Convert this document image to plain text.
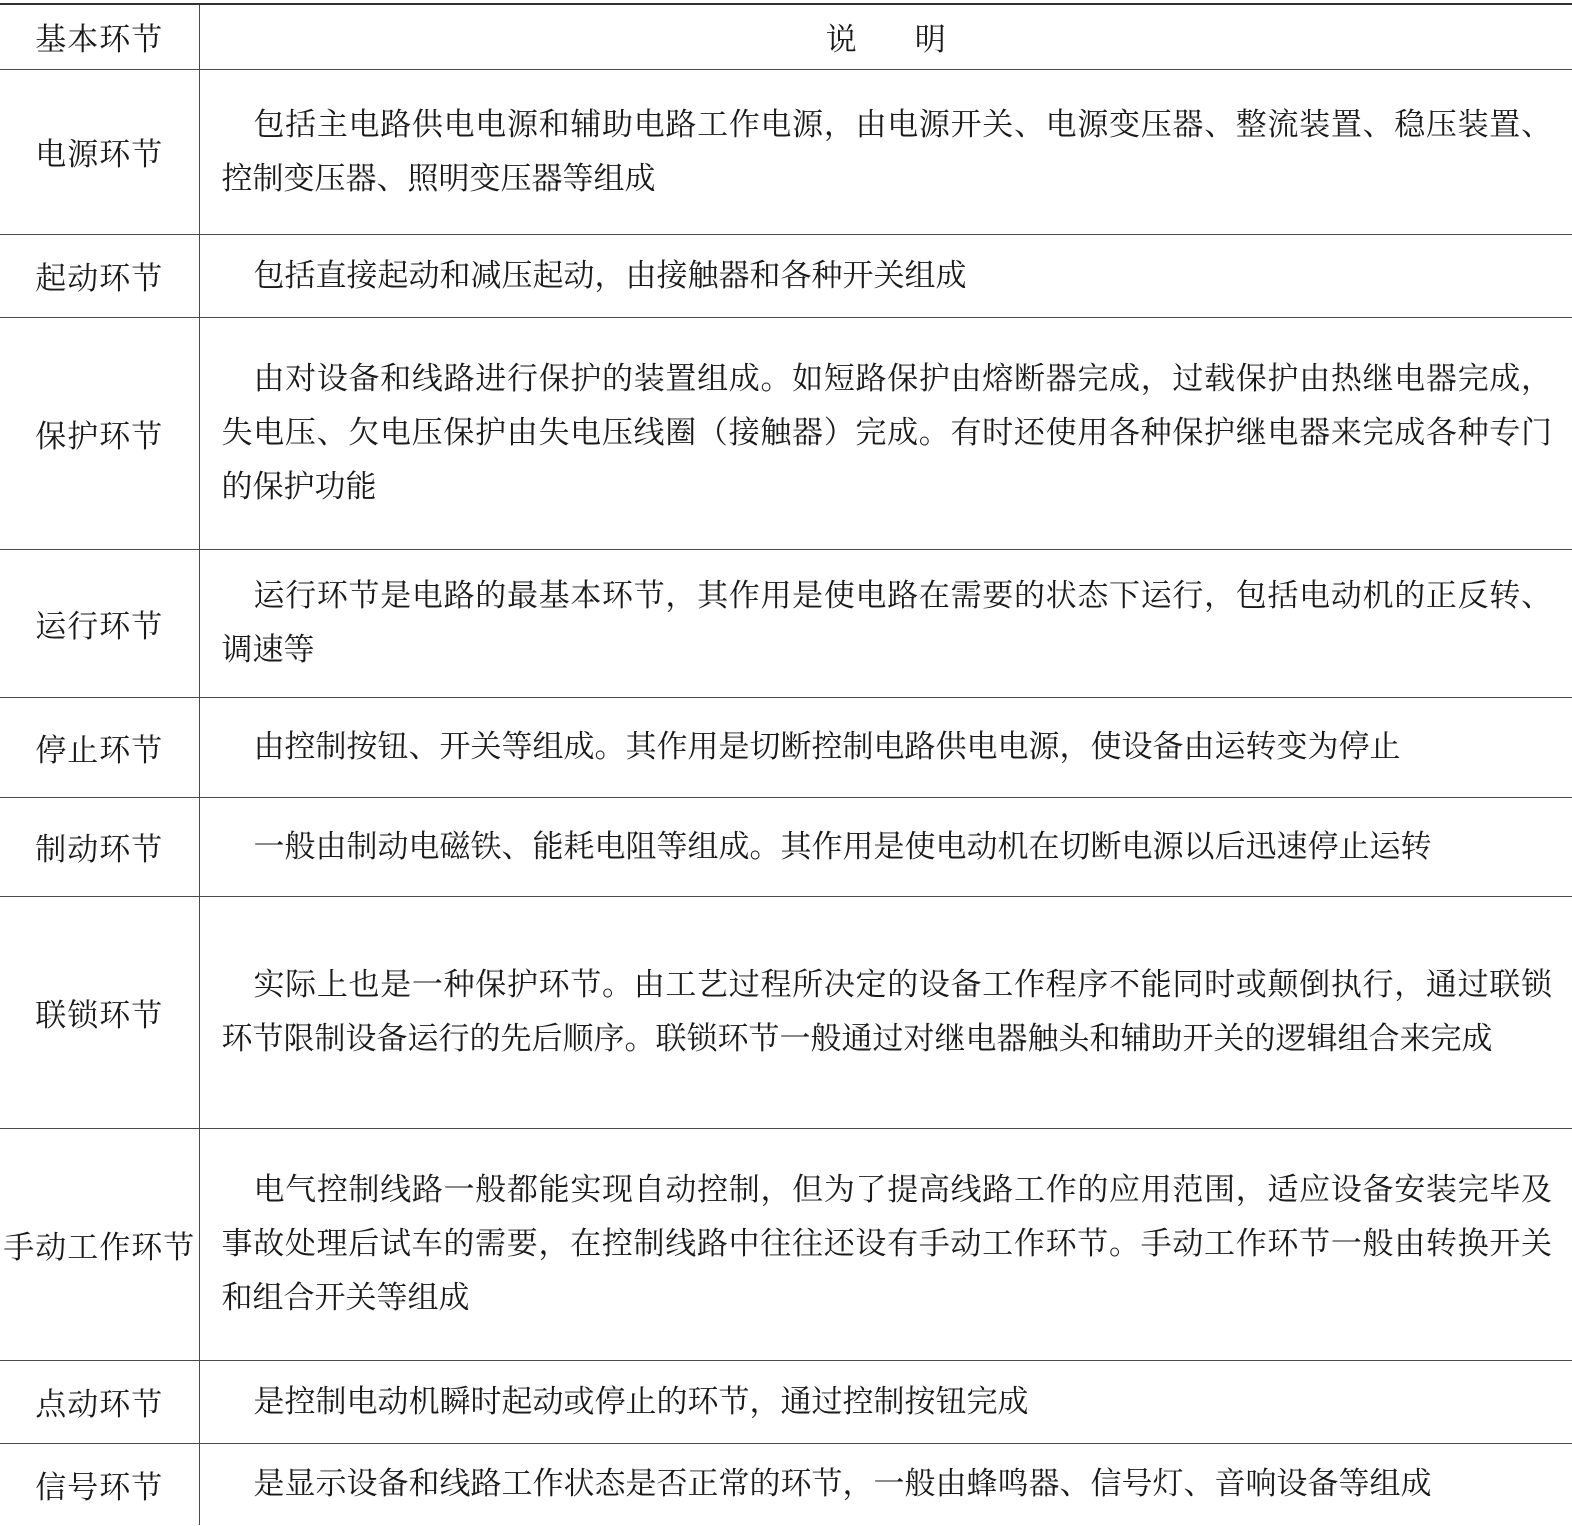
基本环节	说明
电源环节	包括主电路供电电源和辅助电路工作电源，由电源开关、电源变压器、整流装置、稳压装置、控制变压器、照明变压器等组成
起动环节	包括直接起动和减压起动，由接触器和各种开关组成
保护环节	由对设备和线路进行保护的装置组成。如短路保护由熔断器完成，过载保护由热继电器完成，失电压、欠电压保护由失电压线圈（接触器）完成。有时还使用各种保护继电器来完成各种专门的保护功能
运行环节	运行环节是电路的最基本环节，其作用是使电路在需要的状态下运行，包括电动机的正反转、调速等
停止环节	由控制按钮、开关等组成。其作用是切断控制电路供电电源，使设备由运转变为停止
制动环节	一般由制动电磁铁、能耗电阻等组成。其作用是使电动机在切断电源以后迅速停止运转
联锁环节	实际上也是一种保护环节。由工艺过程所决定的设备工作程序不能同时或颠倒执行，通过联锁环节限制设备运行的先后顺序。联锁环节一般通过对继电器触头和辅助开关的逻辑组合来完成
手动工作环节	电气控制线路一般都能实现自动控制，但为了提高线路工作的应用范围，适应设备安装完毕及事故处理后试车的需要，在控制线路中往往还设有手动工作环节。手动工作环节一般由转换开关和组合开关等组成
点动环节	是控制电动机瞬时起动或停止的环节，通过控制按钮完成
信号环节	是显示设备和线路工作状态是否正常的环节，一般由蜂鸣器、信号灯、音响设备等组成
